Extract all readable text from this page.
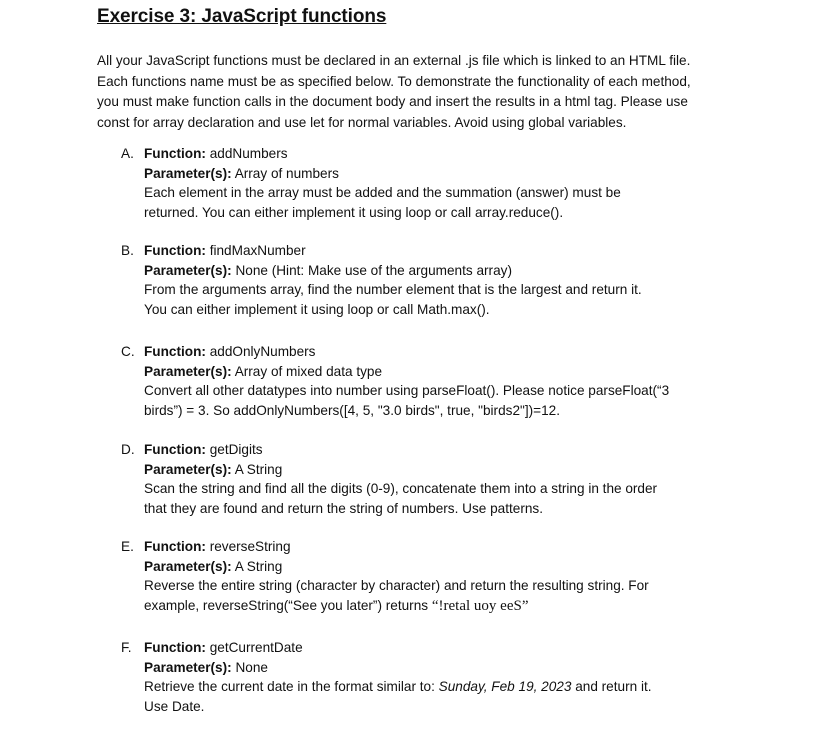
Exercise 3: JavaScript functions
All your JavaScript functions must be declared in an external .js file which is linked to an HTML file.
Each functions name must be as specified below. To demonstrate the functionality of each method,
you must make function calls in the document body and insert the results in a html tag. Please use
const for array declaration and use let for normal variables. Avoid using global variables.
A. Function: addNumbers
Parameter(s): Array of numbers
Each element in the array must be added and the summation (answer) must be
returned. You can either implement it using loop or call array.reduce().
B. Function: findMaxNumber
Parameter(s): None (Hint: Make use of the arguments array)
From the arguments array, find the number element that is the largest and return it.
You can either implement it using loop or call Math.max().
C. Function: addOnlyNumbers
Parameter(s): Array of mixed data type
Convert all other datatypes into number using parseFloat(). Please notice parseFloat(“3
birds”) = 3. So addOnlyNumbers([4, 5, "3.0 birds", true, "birds2"])=12.
D. Function: getDigits
Parameter(s): A String
Scan the string and find all the digits (0-9), concatenate them into a string in the order
that they are found and return the string of numbers. Use patterns.
E. Function: reverseString
Parameter(s): A String
Reverse the entire string (character by character) and return the resulting string. For
example, reverseString(“See you later”) returns “!retal uoy eeS”
F. Function: getCurrentDate
Parameter(s): None
Retrieve the current date in the format similar to: Sunday, Feb 19, 2023 and return it.
Use Date.
